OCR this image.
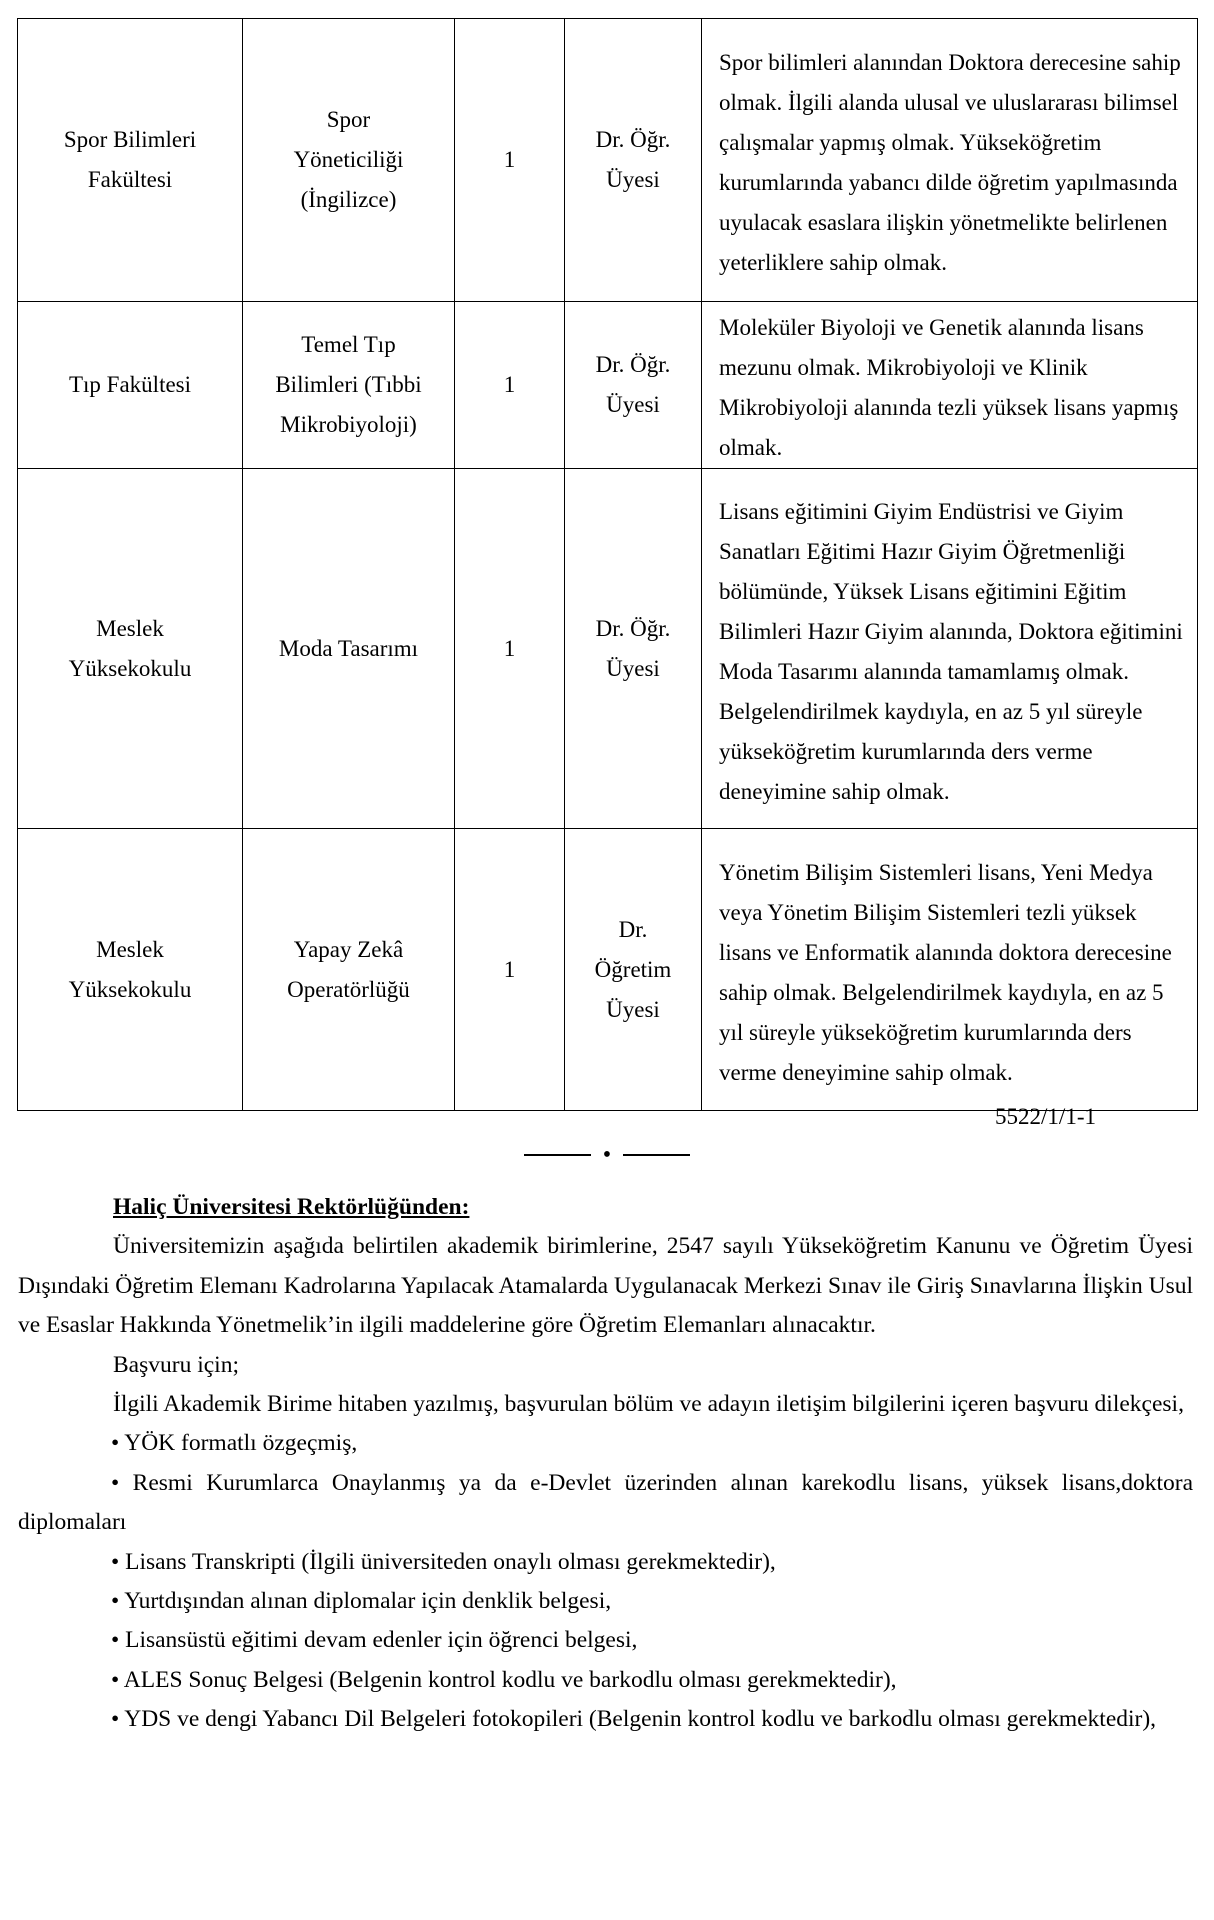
Spor Bilimleri Fakültesi	Spor Yöneticiliği (İngilizce)	1	Dr. Öğr. Üyesi	Spor bilimleri alanından Doktora derecesine sahip olmak. İlgili alanda ulusal ve uluslararası bilimsel çalışmalar yapmış olmak. Yükseköğretim kurumlarında yabancı dilde öğretim yapılmasında uyulacak esaslara ilişkin yönetmelikte belirlenen yeterliklere sahip olmak.
Tıp Fakültesi	Temel Tıp Bilimleri (Tıbbi Mikrobiyoloji)	1	Dr. Öğr. Üyesi	Moleküler Biyoloji ve Genetik alanında lisans mezunu olmak. Mikrobiyoloji ve Klinik Mikrobiyoloji alanında tezli yüksek lisans yapmış olmak.
Meslek Yüksekokulu	Moda Tasarımı	1	Dr. Öğr. Üyesi	Lisans eğitimini Giyim Endüstrisi ve Giyim Sanatları Eğitimi Hazır Giyim Öğretmenliği bölümünde, Yüksek Lisans eğitimini Eğitim Bilimleri Hazır Giyim alanında, Doktora eğitimini Moda Tasarımı alanında tamamlamış olmak. Belgelendirilmek kaydıyla, en az 5 yıl süreyle yükseköğretim kurumlarında ders verme deneyimine sahip olmak.
Meslek Yüksekokulu	Yapay Zekâ Operatörlüğü	1	Dr. Öğretim Üyesi	Yönetim Bilişim Sistemleri lisans, Yeni Medya veya Yönetim Bilişim Sistemleri tezli yüksek lisans ve Enformatik alanında doktora derecesine sahip olmak. Belgelendirilmek kaydıyla, en az 5 yıl süreyle yükseköğretim kurumlarında ders verme deneyimine sahip olmak.
5522/1/1-1
•

Haliç Üniversitesi Rektörlüğünden:

Üniversitemizin aşağıda belirtilen akademik birimlerine, 2547 sayılı Yükseköğretim Kanunu ve Öğretim Üyesi Dışındaki Öğretim Elemanı Kadrolarına Yapılacak Atamalarda Uygulanacak Merkezi Sınav ile Giriş Sınavlarına İlişkin Usul ve Esaslar Hakkında Yönetmelik’in ilgili maddelerine göre Öğretim Elemanları alınacaktır.

Başvuru için;

İlgili Akademik Birime hitaben yazılmış, başvurulan bölüm ve adayın iletişim bilgilerini içeren başvuru dilekçesi,

• YÖK formatlı özgeçmiş,

• Resmi Kurumlarca Onaylanmış ya da e-Devlet üzerinden alınan karekodlu lisans, yüksek lisans,doktora diplomaları

• Lisans Transkripti (İlgili üniversiteden onaylı olması gerekmektedir),

• Yurtdışından alınan diplomalar için denklik belgesi,

• Lisansüstü eğitimi devam edenler için öğrenci belgesi,

• ALES Sonuç Belgesi (Belgenin kontrol kodlu ve barkodlu olması gerekmektedir),

• YDS ve dengi Yabancı Dil Belgeleri fotokopileri (Belgenin kontrol kodlu ve barkodlu olması gerekmektedir),
